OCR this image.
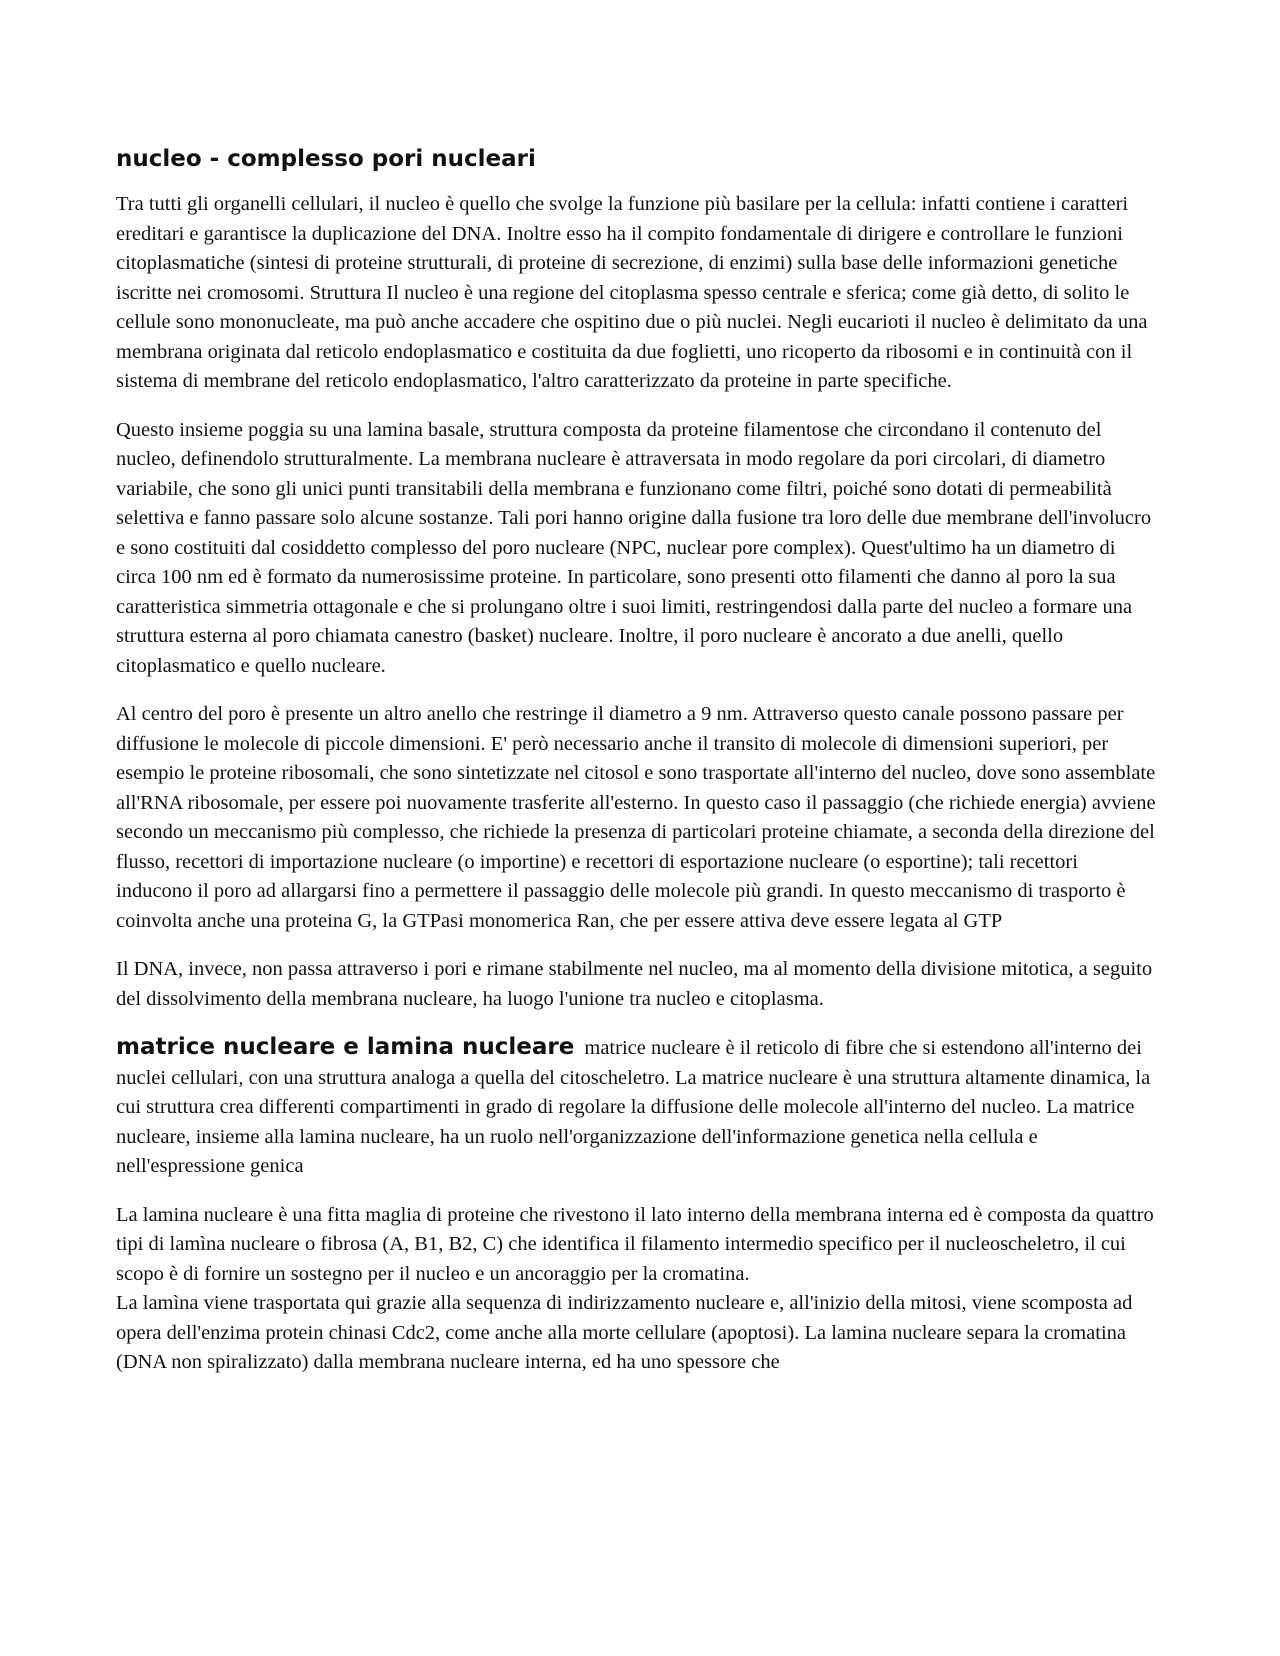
nucleo - complesso pori nucleari

Tra tutti gli organelli cellulari, il nucleo è quello che svolge la funzione più basilare per la cellula: infatti contiene i caratteri ereditari e garantisce la duplicazione del DNA. Inoltre esso ha il compito fondamentale di dirigere e controllare le funzioni citoplasmatiche (sintesi di proteine strutturali, di proteine di secrezione, di enzimi) sulla base delle informazioni genetiche iscritte nei cromosomi. Struttura Il nucleo è una regione del citoplasma spesso centrale e sferica; come già detto, di solito le cellule sono mononucleate, ma può anche accadere che ospitino due o più nuclei. Negli eucarioti il nucleo è delimitato da una membrana originata dal reticolo endoplasmatico e costituita da due foglietti, uno ricoperto da ribosomi e in continuità con il sistema di membrane del reticolo endoplasmatico, l'altro caratterizzato da proteine in parte specifiche.

Questo insieme poggia su una lamina basale, struttura composta da proteine filamentose che circondano il contenuto del nucleo, definendolo strutturalmente. La membrana nucleare è attraversata in modo regolare da pori circolari, di diametro variabile, che sono gli unici punti transitabili della membrana e funzionano come filtri, poiché sono dotati di permeabilità selettiva e fanno passare solo alcune sostanze. Tali pori hanno origine dalla fusione tra loro delle due membrane dell'involucro e sono costituiti dal cosiddetto complesso del poro nucleare (NPC, nuclear pore complex). Quest'ultimo ha un diametro di circa 100 nm ed è formato da numerosissime proteine. In particolare, sono presenti otto filamenti che danno al poro la sua caratteristica simmetria ottagonale e che si prolungano oltre i suoi limiti, restringendosi dalla parte del nucleo a formare una struttura esterna al poro chiamata canestro (basket) nucleare. Inoltre, il poro nucleare è ancorato a due anelli, quello citoplasmatico e quello nucleare.

Al centro del poro è presente un altro anello che restringe il diametro a 9 nm. Attraverso questo canale possono passare per diffusione le molecole di piccole dimensioni. E' però necessario anche il transito di molecole di dimensioni superiori, per esempio le proteine ribosomali, che sono sintetizzate nel citosol e sono trasportate all'interno del nucleo, dove sono assemblate all'RNA ribosomale, per essere poi nuovamente trasferite all'esterno. In questo caso il passaggio (che richiede energia) avviene secondo un meccanismo più complesso, che richiede la presenza di particolari proteine chiamate, a seconda della direzione del flusso, recettori di importazione nucleare (o importine) e recettori di esportazione nucleare (o esportine); tali recettori inducono il poro ad allargarsi fino a permettere il passaggio delle molecole più grandi. In questo meccanismo di trasporto è coinvolta anche una proteina G, la GTPasi monomerica Ran, che per essere attiva deve essere legata al GTP

Il DNA, invece, non passa attraverso i pori e rimane stabilmente nel nucleo, ma al momento della divisione mitotica, a seguito del dissolvimento della membrana nucleare, ha luogo l'unione tra nucleo e citoplasma.

matrice nucleare e lamina nucleare matrice nucleare è il reticolo di fibre che si estendono all'interno dei nuclei cellulari, con una struttura analoga a quella del citoscheletro. La matrice nucleare è una struttura altamente dinamica, la cui struttura crea differenti compartimenti in grado di regolare la diffusione delle molecole all'interno del nucleo. La matrice nucleare, insieme alla lamina nucleare, ha un ruolo nell'organizzazione dell'informazione genetica nella cellula e nell'espressione genica

La lamina nucleare è una fitta maglia di proteine che rivestono il lato interno della membrana interna ed è composta da quattro tipi di lamìna nucleare o fibrosa (A, B1, B2, C) che identifica il filamento intermedio specifico per il nucleoscheletro, il cui scopo è di fornire un sostegno per il nucleo e un ancoraggio per la cromatina.

La lamìna viene trasportata qui grazie alla sequenza di indirizzamento nucleare e, all'inizio della mitosi, viene scomposta ad opera dell'enzima protein chinasi Cdc2, come anche alla morte cellulare (apoptosi). La lamina nucleare separa la cromatina (DNA non spiralizzato) dalla membrana nucleare interna, ed ha uno spessore che
